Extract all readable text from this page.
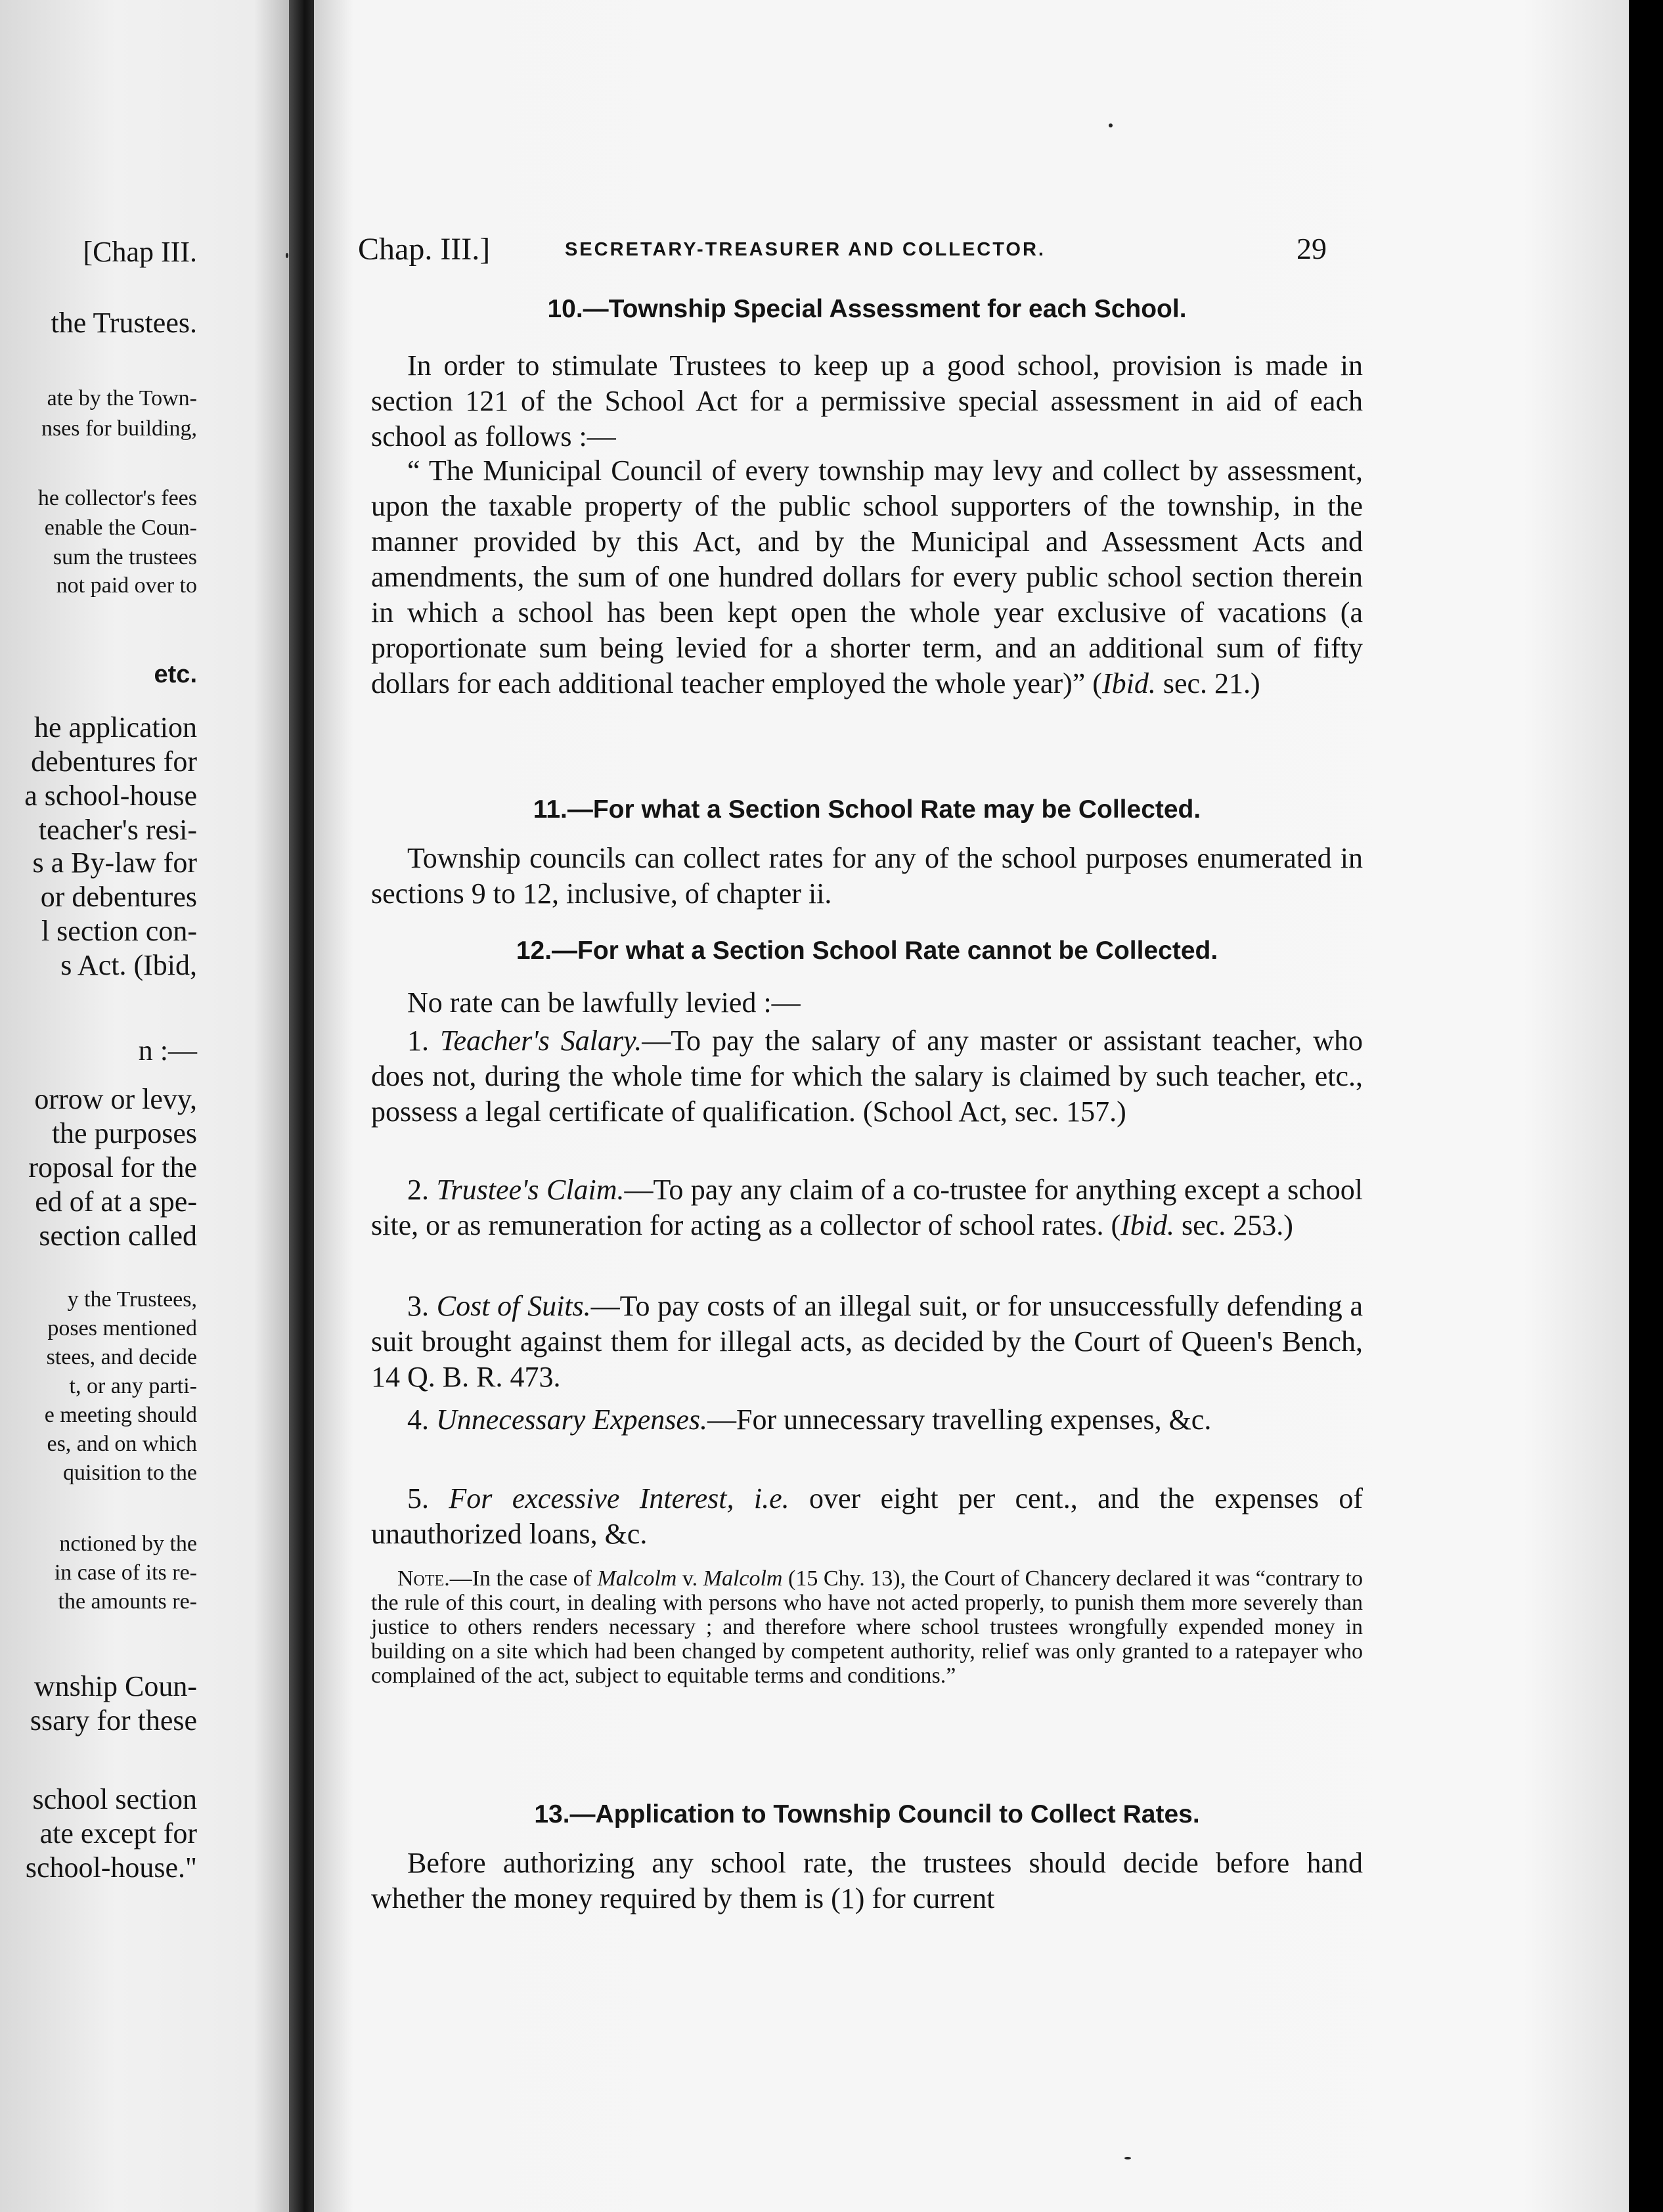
[Chap III.
the Trustees.
ate by the Town-
nses for building,
he collector's fees
enable the Coun-
sum the trustees
not paid over to
etc.
he application
debentures for
a school-house
teacher's resi-
s a By-law for
or debentures
l section con-
s Act. (Ibid,
n :—
orrow or levy,
the purposes
roposal for the
ed of at a spe-
section called
y the Trustees,
poses mentioned
stees, and decide
t, or any parti-
e meeting should
es, and on which
quisition to the
nctioned by the
in case of its re-
the amounts re-
wnship Coun-
ssary for these
school section
ate except for
school-house."
Chap. III.]	SECRETARY-TREASURER AND COLLECTOR.	29
10.—Township Special Assessment for each School.

In order to stimulate Trustees to keep up a good school, provision is made in section 121 of the School Act for a permissive special assessment in aid of each school as follows :—

“ The Municipal Council of every township may levy and collect by assessment, upon the taxable property of the public school supporters of the township, in the manner provided by this Act, and by the Municipal and Assessment Acts and amendments, the sum of one hundred dollars for every public school section therein in which a school has been kept open the whole year exclusive of vacations (a proportionate sum being levied for a shorter term, and an additional sum of fifty dollars for each additional teacher employed the whole year)” (Ibid. sec. 21.)

11.—For what a Section School Rate may be Collected.

Township councils can collect rates for any of the school purposes enumerated in sections 9 to 12, inclusive, of chapter ii.

12.—For what a Section School Rate cannot be Collected.

No rate can be lawfully levied :—

1. Teacher's Salary.—To pay the salary of any master or assistant teacher, who does not, during the whole time for which the salary is claimed by such teacher, etc., possess a legal certificate of qualification. (School Act, sec. 157.)

2. Trustee's Claim.—To pay any claim of a co-trustee for anything except a school site, or as remuneration for acting as a collector of school rates. (Ibid. sec. 253.)

3. Cost of Suits.—To pay costs of an illegal suit, or for unsuccessfully defending a suit brought against them for illegal acts, as decided by the Court of Queen's Bench, 14 Q. B. R. 473.

4. Unnecessary Expenses.—For unnecessary travelling expenses, &c.

5. For excessive Interest, i.e. over eight per cent., and the expenses of unauthorized loans, &c.

Note.—In the case of Malcolm v. Malcolm (15 Chy. 13), the Court of Chancery declared it was “contrary to the rule of this court, in dealing with persons who have not acted properly, to punish them more severely than justice to others renders necessary ; and therefore where school trustees wrongfully expended money in building on a site which had been changed by competent authority, relief was only granted to a ratepayer who complained of the act, subject to equitable terms and conditions.”

13.—Application to Township Council to Collect Rates.

Before authorizing any school rate, the trustees should decide before hand whether the money required by them is (1) for current
